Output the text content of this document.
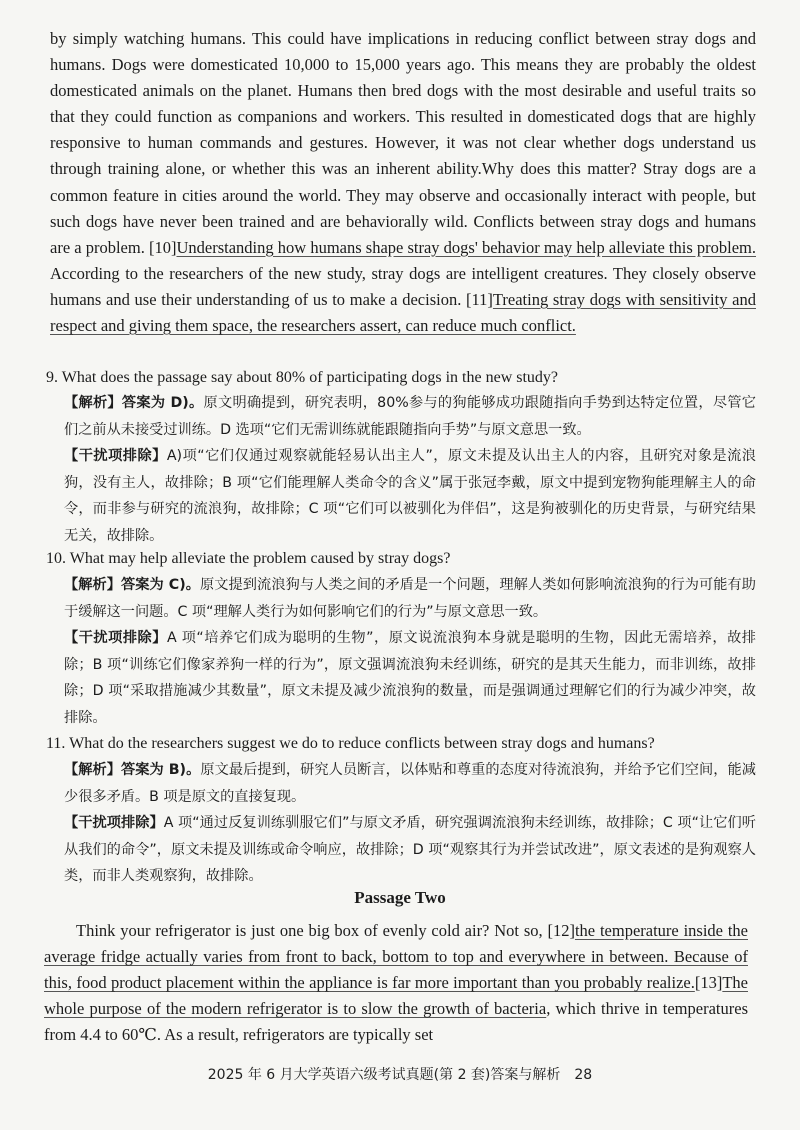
by simply watching humans. This could have implications in reducing conflict between stray dogs and humans. Dogs were domesticated 10,000 to 15,000 years ago. This means they are probably the oldest domesticated animals on the planet. Humans then bred dogs with the most desirable and useful traits so that they could function as companions and workers. This resulted in domesticated dogs that are highly responsive to human commands and gestures. However, it was not clear whether dogs understand us through training alone, or whether this was an inherent ability.Why does this matter? Stray dogs are a common feature in cities around the world. They may observe and occasionally interact with people, but such dogs have never been trained and are behaviorally wild. Conflicts between stray dogs and humans are a problem. [10]Understanding how humans shape stray dogs' behavior may help alleviate this problem. According to the researchers of the new study, stray dogs are intelligent creatures. They closely observe humans and use their understanding of us to make a decision. [11]Treating stray dogs with sensitivity and respect and giving them space, the researchers assert, can reduce much conflict.

9. What does the passage say about 80% of participating dogs in the new study?
【解析】答案为 D)。原文明确提到，研究表明，80%参与的狗能够成功跟随指向手势到达特定位置，尽管它们之前从未接受过训练。D 选项“它们无需训练就能跟随指向手势”与原文意思一致。
【干扰项排除】A)项“它们仅通过观察就能轻易认出主人”，原文未提及认出主人的内容，且研究对象是流浪狗，没有主人，故排除；B 项“它们能理解人类命令的含义”属于张冠李戴，原文中提到宠物狗能理解主人的命令，而非参与研究的流浪狗，故排除；C 项“它们可以被驯化为伴侣”，这是狗被驯化的历史背景，与研究结果无关，故排除。
10. What may help alleviate the problem caused by stray dogs?
【解析】答案为 C)。原文提到流浪狗与人类之间的矛盾是一个问题，理解人类如何影响流浪狗的行为可能有助于缓解这一问题。C 项“理解人类行为如何影响它们的行为”与原文意思一致。
【干扰项排除】A 项“培养它们成为聪明的生物”，原文说流浪狗本身就是聪明的生物，因此无需培养，故排除；B 项“训练它们像家养狗一样的行为”，原文强调流浪狗未经训练，研究的是其天生能力，而非训练，故排除；D 项“采取措施减少其数量”，原文未提及减少流浪狗的数量，而是强调通过理解它们的行为减少冲突，故排除。
11. What do the researchers suggest we do to reduce conflicts between stray dogs and humans?
【解析】答案为 B)。原文最后提到，研究人员断言，以体贴和尊重的态度对待流浪狗，并给予它们空间，能减少很多矛盾。B 项是原文的直接复现。
【干扰项排除】A 项“通过反复训练驯服它们”与原文矛盾，研究强调流浪狗未经训练，故排除；C 项“让它们听从我们的命令”，原文未提及训练或命令响应，故排除；D 项“观察其行为并尝试改进”，原文表述的是狗观察人类，而非人类观察狗，故排除。
Passage Two

Think your refrigerator is just one big box of evenly cold air? Not so, [12]the temperature inside the average fridge actually varies from front to back, bottom to top and everywhere in between. Because of this, food product placement within the appliance is far more important than you probably realize.[13]The whole purpose of the modern refrigerator is to slow the growth of bacteria, which thrive in temperatures from 4.4 to 60℃. As a result, refrigerators are typically set

2025 年 6 月大学英语六级考试真题(第 2 套)答案与解析 28
